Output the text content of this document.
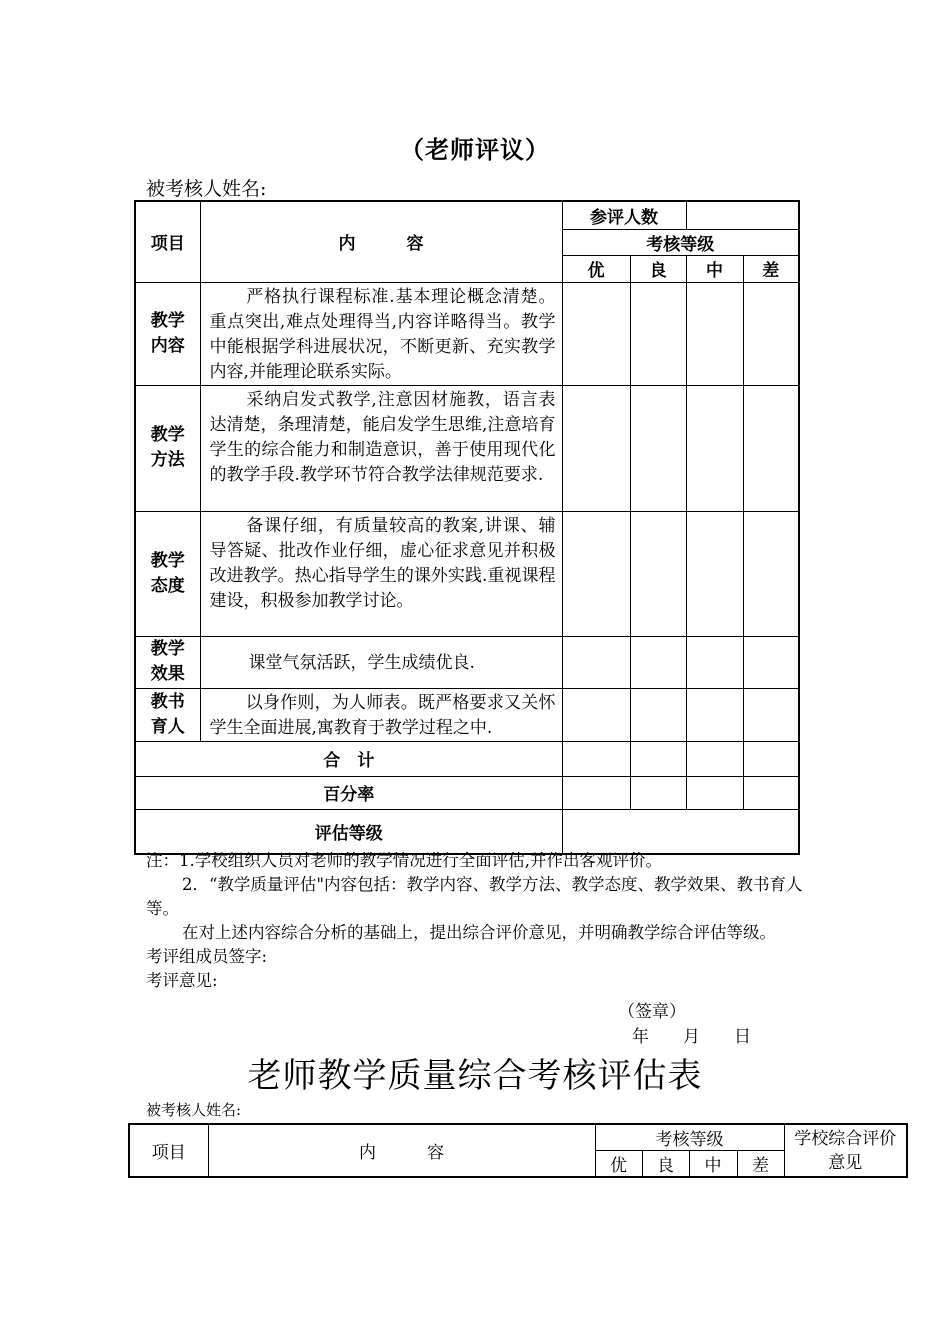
（老师评议）
被考核人姓名:
项目	内　　　容	参评人数			
		考核等级			
		优	良	中	差
教学
内容	严格执行课程标准.基本理论概念清楚。重点突出,难点处理得当,内容详略得当。教学中能根据学科进展状况，不断更新、充实教学内容,并能理论联系实际。				
教学
方法	采纳启发式教学,注意因材施教，语言表达清楚，条理清楚，能启发学生思维,注意培育学生的综合能力和制造意识，善于使用现代化的教学手段.教学环节符合教学法律规范要求.				
教学
态度	备课仔细，有质量较高的教案,讲课、辅导答疑、批改作业仔细，虚心征求意见并积极改进教学。热心指导学生的课外实践.重视课程建设，积极参加教学讨论。				
教学
效果	课堂气氛活跃，学生成绩优良.				
教书
育人	以身作则，为人师表。既严格要求又关怀学生全面进展,寓教育于教学过程之中.				
合　计					
百分率					
评估等级					

注：1.学校组织人员对老师的教学情况进行全面评估,并作出客观评价。

2．“教学质量评估"内容包括：教学内容、教学方法、教学态度、教学效果、教书育人等。

在对上述内容综合分析的基础上，提出综合评价意见，并明确教学综合评估等级。

考评组成员签字:

考评意见:

（签章）
年　　月　　日
老师教学质量综合考核评估表
被考核人姓名:
项目	内　　　容	考核等级				学校综合评价意见
		优	良	中	差	
